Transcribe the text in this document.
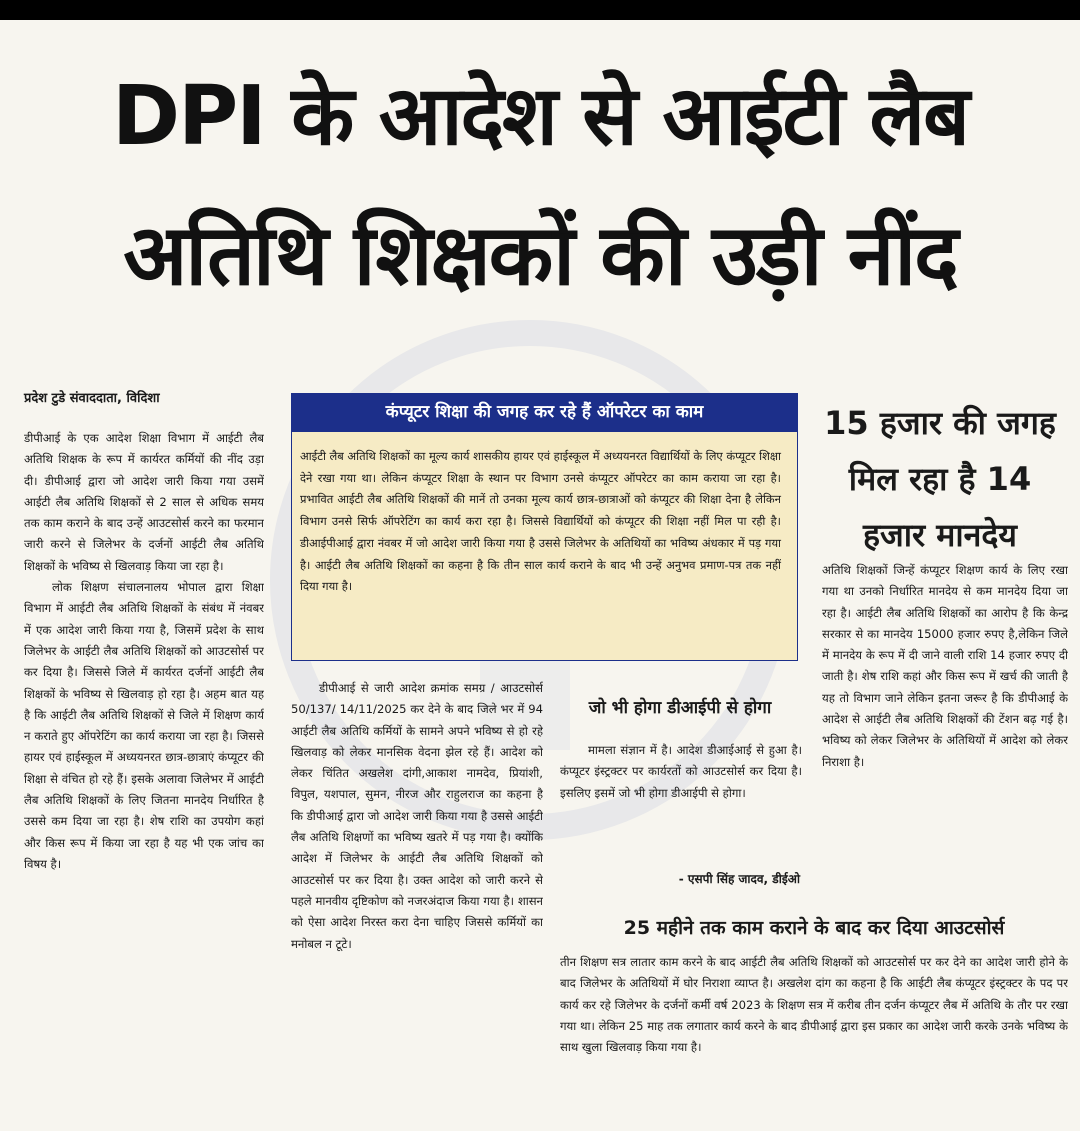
DPI के आदेश से आईटी लैब
अतिथि शिक्षकों की उड़ी नींद
प्रदेश टुडे संवाददाता, विदिशा

डीपीआई के एक आदेश शिक्षा विभाग में आईटी लैब अतिथि शिक्षक के रूप में कार्यरत कर्मियों की नींद उड़ा दी। डीपीआई द्वारा जो आदेश जारी किया गया उसमें आईटी लैब अतिथि शिक्षकों से 2 साल से अधिक समय तक काम कराने के बाद उन्हें आउटसोर्स करने का फरमान जारी करने से जिलेभर के दर्जनों आईटी लैब अतिथि शिक्षकों के भविष्य से खिलवाड़ किया जा रहा है।

लोक शिक्षण संचालनालय भोपाल द्वारा शिक्षा विभाग में आईटी लैब अतिथि शिक्षकों के संबंध में नंवबर में एक आदेश जारी किया गया है, जिसमें प्रदेश के साथ जिलेभर के आईटी लैब अतिथि शिक्षकों को आउटसोर्स पर कर दिया है। जिससे जिले में कार्यरत दर्जनों आईटी लैब शिक्षकों के भविष्य से खिलवाड़ हो रहा है। अहम बात यह है कि आईटी लैब अतिथि शिक्षकों से जिले में शिक्षण कार्य न कराते हुए ऑपरेटिंग का कार्य कराया जा रहा है। जिससे हायर एवं हाईस्कूल में अध्ययनरत छात्र-छात्राएं कंप्यूटर की शिक्षा से वंचित हो रहे हैं। इसके अलावा जिलेभर में आईटी लैब अतिथि शिक्षकों के लिए जितना मानदेय निर्धारित है उससे कम दिया जा रहा है। शेष राशि का उपयोग कहां और किस रूप में किया जा रहा है यह भी एक जांच का विषय है।

कंप्यूटर शिक्षा की जगह कर रहे हैं ऑपरेटर का काम
आईटी लैब अतिथि शिक्षकों का मूल्य कार्य शासकीय हायर एवं हाईस्कूल में अध्ययनरत विद्यार्थियों के लिए कंप्यूटर शिक्षा देने रखा गया था। लेकिन कंप्यूटर शिक्षा के स्थान पर विभाग उनसे कंप्यूटर ऑपरेटर का काम कराया जा रहा है। प्रभावित आईटी लैब अतिथि शिक्षकों की मानें तो उनका मूल्य कार्य छात्र-छात्राओं को कंप्यूटर की शिक्षा देना है लेकिन विभाग उनसे सिर्फ ऑपरेटिंग का कार्य करा रहा है। जिससे विद्यार्थियों को कंप्यूटर की शिक्षा नहीं मिल पा रही है। डीआईपीआई द्वारा नंवबर में जो आदेश जारी किया गया है उससे जिलेभर के अतिथियों का भविष्य अंधकार में पड़ गया है। आईटी लैब अतिथि शिक्षकों का कहना है कि तीन साल कार्य कराने के बाद भी उन्हें अनुभव प्रमाण-पत्र तक नहीं दिया गया है।
डीपीआई से जारी आदेश क्रमांक समग्र / आउटसोर्स 50/137/ 14/11/2025 कर देने के बाद जिले भर में 94 आईटी लैब अतिथि कर्मियों के सामने अपने भविष्य से हो रहे खिलवाड़ को लेकर मानसिक वेदना झेल रहे हैं। आदेश को लेकर चिंतित अखलेश दांगी,आकाश नामदेव, प्रियांशी, विपुल, यशपाल, सुमन, नीरज और राहुलराज का कहना है कि डीपीआई द्वारा जो आदेश जारी किया गया है उससे आईटी लैब अतिथि शिक्षणों का भविष्य खतरे में पड़ गया है। क्योंकि आदेश में जिलेभर के आईटी लैब अतिथि शिक्षकों को आउटसोर्स पर कर दिया है। उक्त आदेश को जारी करने से पहले मानवीय दृष्टिकोण को नजरअंदाज किया गया है। शासन को ऐसा आदेश निरस्त करा देना चाहिए जिससे कर्मियों का मनोबल न टूटे।
जो भी होगा डीआईपी से होगा
मामला संज्ञान में है। आदेश डीआईआई से हुआ है। कंप्यूटर इंस्ट्रक्टर पर कार्यरतों को आउटसोर्स कर दिया है। इसलिए इसमें जो भी होगा डीआईपी से होगा।
- एसपी सिंह जादव, डीईओ
15 हजार की जगह मिल रहा है 14 हजार मानदेय
अतिथि शिक्षकों जिन्हें कंप्यूटर शिक्षण कार्य के लिए रखा गया था उनको निर्धारित मानदेय से कम मानदेय दिया जा रहा है। आईटी लैब अतिथि शिक्षकों का आरोप है कि केन्द्र सरकार से का मानदेय 15000 हजार रुपए है,लेकिन जिले में मानदेय के रूप में दी जाने वाली राशि 14 हजार रुपए दी जाती है। शेष राशि कहां और किस रूप में खर्च की जाती है यह तो विभाग जाने लेकिन इतना जरूर है कि डीपीआई के आदेश से आईटी लैब अतिथि शिक्षकों की टेंशन बढ़ गई है। भविष्य को लेकर जिलेभर के अतिथियों में आदेश को लेकर निराशा है।
25 महीने तक काम कराने के बाद कर दिया आउटसोर्स
तीन शिक्षण सत्र लातार काम करने के बाद आईटी लैब अतिथि शिक्षकों को आउटसोर्स पर कर देने का आदेश जारी होने के बाद जिलेभर के अतिथियों में घोर निराशा व्याप्त है। अखलेश दांग का कहना है कि आईटी लैब कंप्यूटर इंस्ट्रक्टर के पद पर कार्य कर रहे जिलेभर के दर्जनों कर्मी वर्ष 2023 के शिक्षण सत्र में करीब तीन दर्जन कंप्यूटर लैब में अतिथि के तौर पर रखा गया था। लेकिन 25 माह तक लगातार कार्य करने के बाद डीपीआई द्वारा इस प्रकार का आदेश जारी करके उनके भविष्य के साथ खुला खिलवाड़ किया गया है।
